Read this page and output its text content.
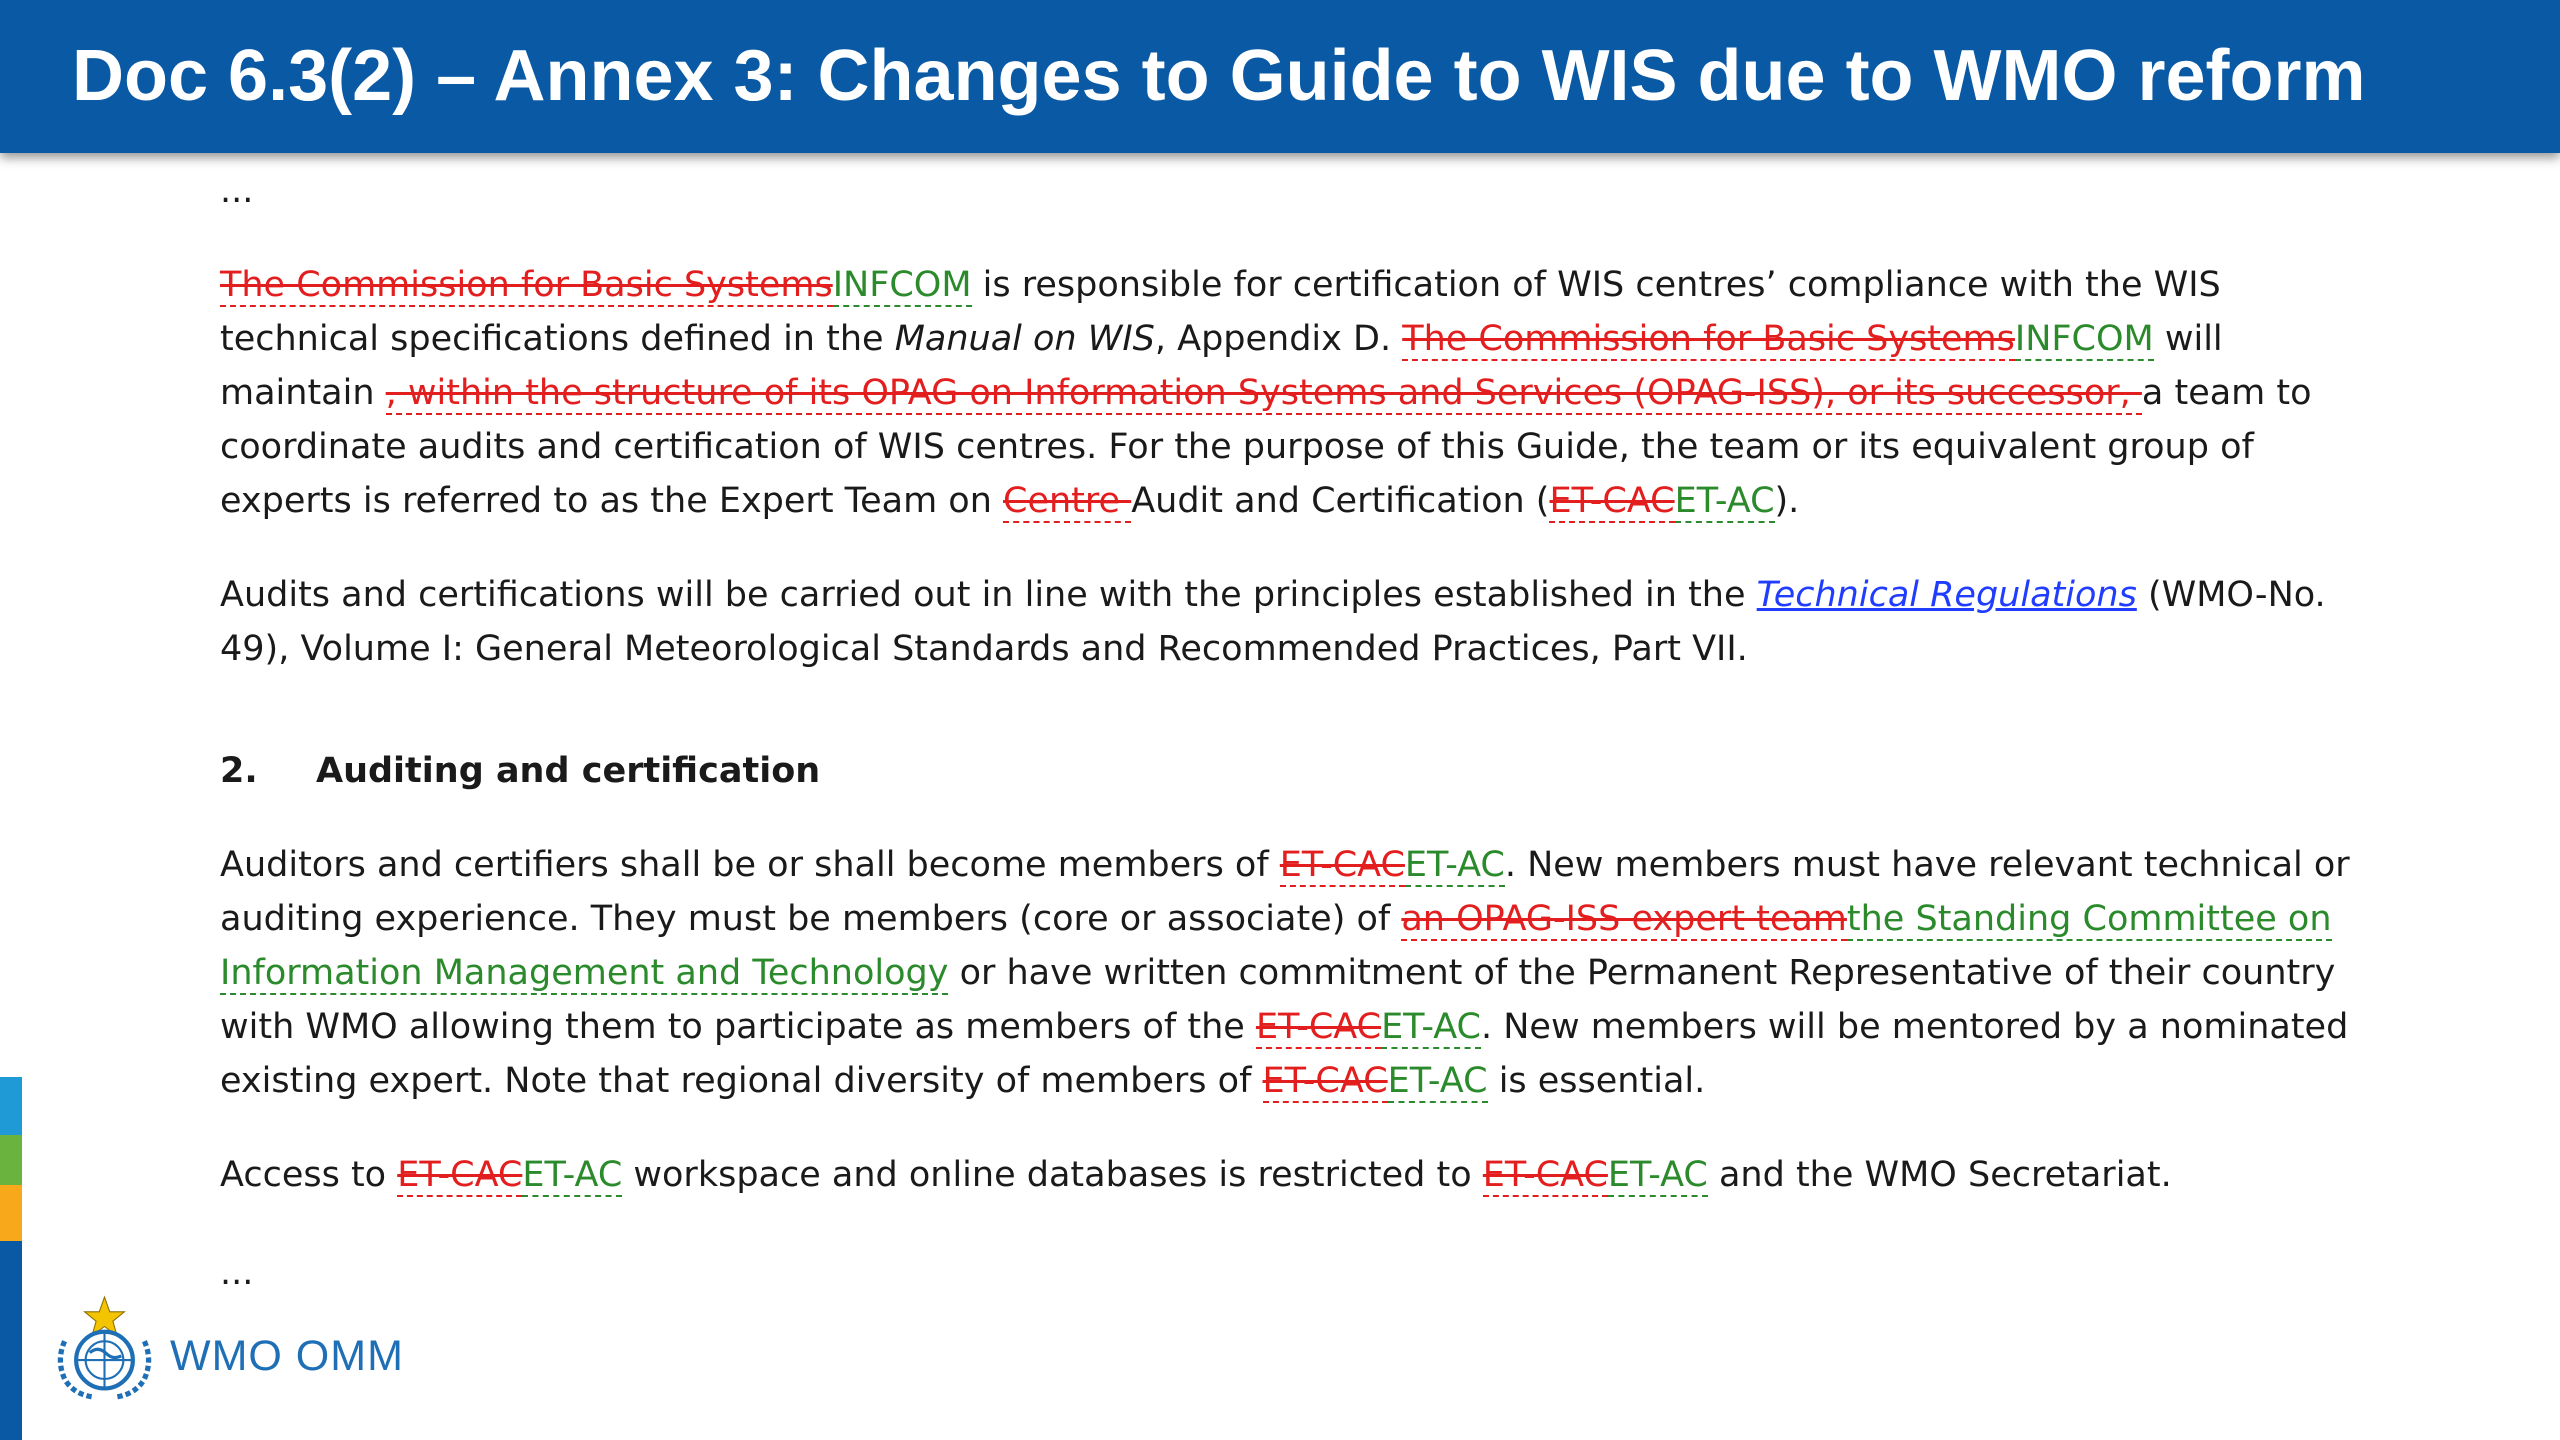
Doc 6.3(2) – Annex 3: Changes to Guide to WIS due to WMO reform

...

The Commission for Basic SystemsINFCOM is responsible for certification of WIS centres’ compliance with the WIS technical specifications defined in the Manual on WIS, Appendix D. The Commission for Basic SystemsINFCOM will maintain , within the structure of its OPAG on Information Systems and Services (OPAG-ISS), or its successor, a team to coordinate audits and certification of WIS centres. For the purpose of this Guide, the team or its equivalent group of experts is referred to as the Expert Team on Centre Audit and Certification (ET-CACET-AC).

Audits and certifications will be carried out in line with the principles established in the Technical Regulations (WMO-No. 49), Volume I: General Meteorological Standards and Recommended Practices, Part VII.

2. Auditing and certification

Auditors and certifiers shall be or shall become members of ET-CACET-AC. New members must have relevant technical or auditing experience. They must be members (core or associate) of an OPAG-ISS expert teamthe Standing Committee on Information Management and Technology or have written commitment of the Permanent Representative of their country with WMO allowing them to participate as members of the ET-CACET-AC. New members will be mentored by a nominated existing expert. Note that regional diversity of members of ET-CACET-AC is essential.

Access to ET-CACET-AC workspace and online databases is restricted to ET-CACET-AC and the WMO Secretariat.

...

WMO OMM
